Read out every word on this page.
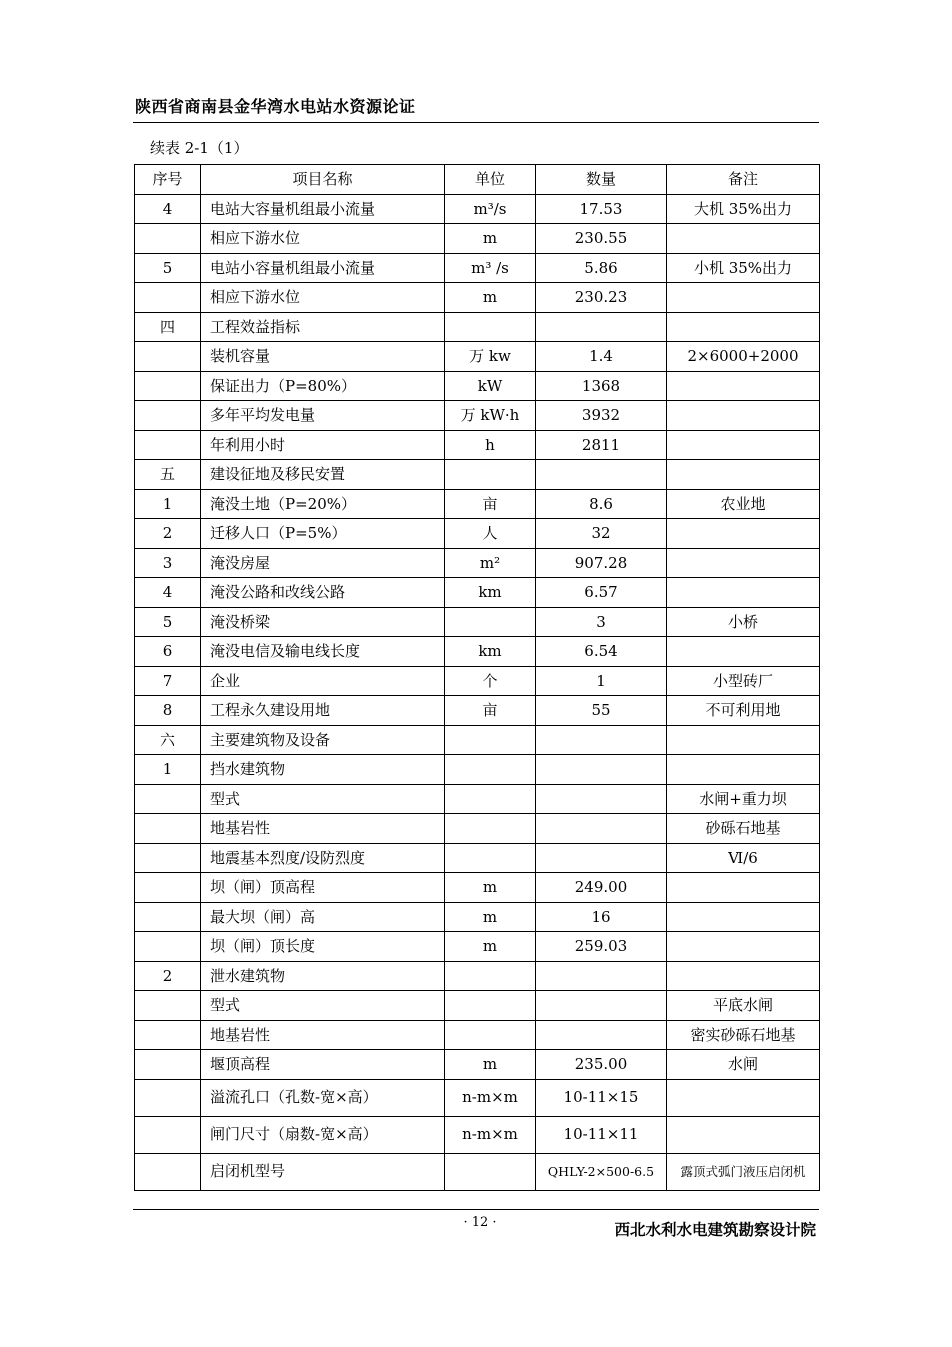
陕西省商南县金华湾水电站水资源论证
续表 2-1（1）
序号	项目名称	单位	数量	备注
4	电站大容量机组最小流量	m³/s	17.53	大机 35%出力
	相应下游水位	m	230.55	
5	电站小容量机组最小流量	m³ /s	5.86	小机 35%出力
	相应下游水位	m	230.23	
四	工程效益指标			
	装机容量	万 kw	1.4	2×6000+2000
	保证出力（P=80%）	kW	1368	
	多年平均发电量	万 kW·h	3932	
	年利用小时	h	2811	
五	建设征地及移民安置			
1	淹没土地（P=20%）	亩	8.6	农业地
2	迁移人口（P=5%）	人	32	
3	淹没房屋	m²	907.28	
4	淹没公路和改线公路	km	6.57	
5	淹没桥梁		3	小桥
6	淹没电信及输电线长度	km	6.54	
7	企业	个	1	小型砖厂
8	工程永久建设用地	亩	55	不可利用地
六	主要建筑物及设备			
1	挡水建筑物			
	型式			水闸+重力坝
	地基岩性			砂砾石地基
	地震基本烈度/设防烈度			Ⅵ/6
	坝（闸）顶高程	m	249.00	
	最大坝（闸）高	m	16	
	坝（闸）顶长度	m	259.03	
2	泄水建筑物			
	型式			平底水闸
	地基岩性			密实砂砾石地基
	堰顶高程	m	235.00	水闸
	溢流孔口（孔数-宽×高）	n-m×m	10-11×15	
	闸门尺寸（扇数-宽×高）	n-m×m	10-11×11	
	启闭机型号		QHLY-2×500-6.5	露顶式弧门液压启闭机
· 12 ·	西北水利水电建筑勘察设计院
